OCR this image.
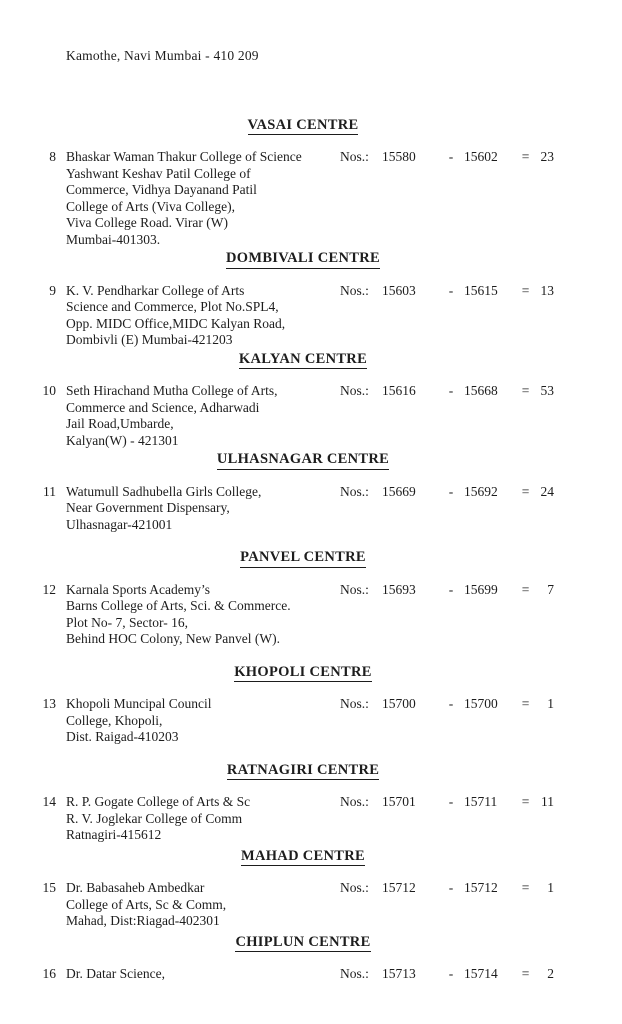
Kamothe, Navi Mumbai - 410 209
VASAI CENTRE
8 Bhaskar Waman Thakur College of Science
Yashwant Keshav Patil College of
Commerce, Vidhya Dayanand Patil
College of Arts (Viva College),
Viva College Road. Virar (W)
Mumbai-401303.
Nos.: 15580	- 15602	= 23
DOMBIVALI CENTRE
9 K. V. Pendharkar College of Arts
Science and Commerce, Plot No.SPL4,
Opp. MIDC Office,MIDC Kalyan Road,
Dombivli (E) Mumbai-421203
Nos.: 15603	- 15615	= 13
KALYAN CENTRE
10 Seth Hirachand Mutha College of Arts,
Commerce and Science, Adharwadi
Jail Road,Umbarde,
Kalyan(W) - 421301
Nos.: 15616	- 15668	= 53
ULHASNAGAR CENTRE
11 Watumull Sadhubella Girls College,
Near Government Dispensary,
Ulhasnagar-421001
Nos.: 15669	- 15692	= 24
PANVEL CENTRE
12 Karnala Sports Academy’s
Barns College of Arts, Sci. & Commerce.
Plot No- 7, Sector- 16,
Behind HOC Colony, New Panvel (W).
Nos.: 15693	- 15699	=	7
KHOPOLI CENTRE
13 Khopoli Muncipal Council
College, Khopoli,
Dist. Raigad-410203
Nos.: 15700	- 15700	=	1
RATNAGIRI CENTRE
14 R. P. Gogate College of Arts & Sc
R. V. Joglekar College of Comm
Ratnagiri-415612
Nos.: 15701	- 15711	= 11
MAHAD CENTRE
15 Dr. Babasaheb Ambedkar
College of Arts, Sc & Comm,
Mahad, Dist:Riagad-402301
Nos.: 15712	- 15712	=	1
CHIPLUN CENTRE
16 Dr. Datar Science,	Nos.: 15713	- 15714	=	2
